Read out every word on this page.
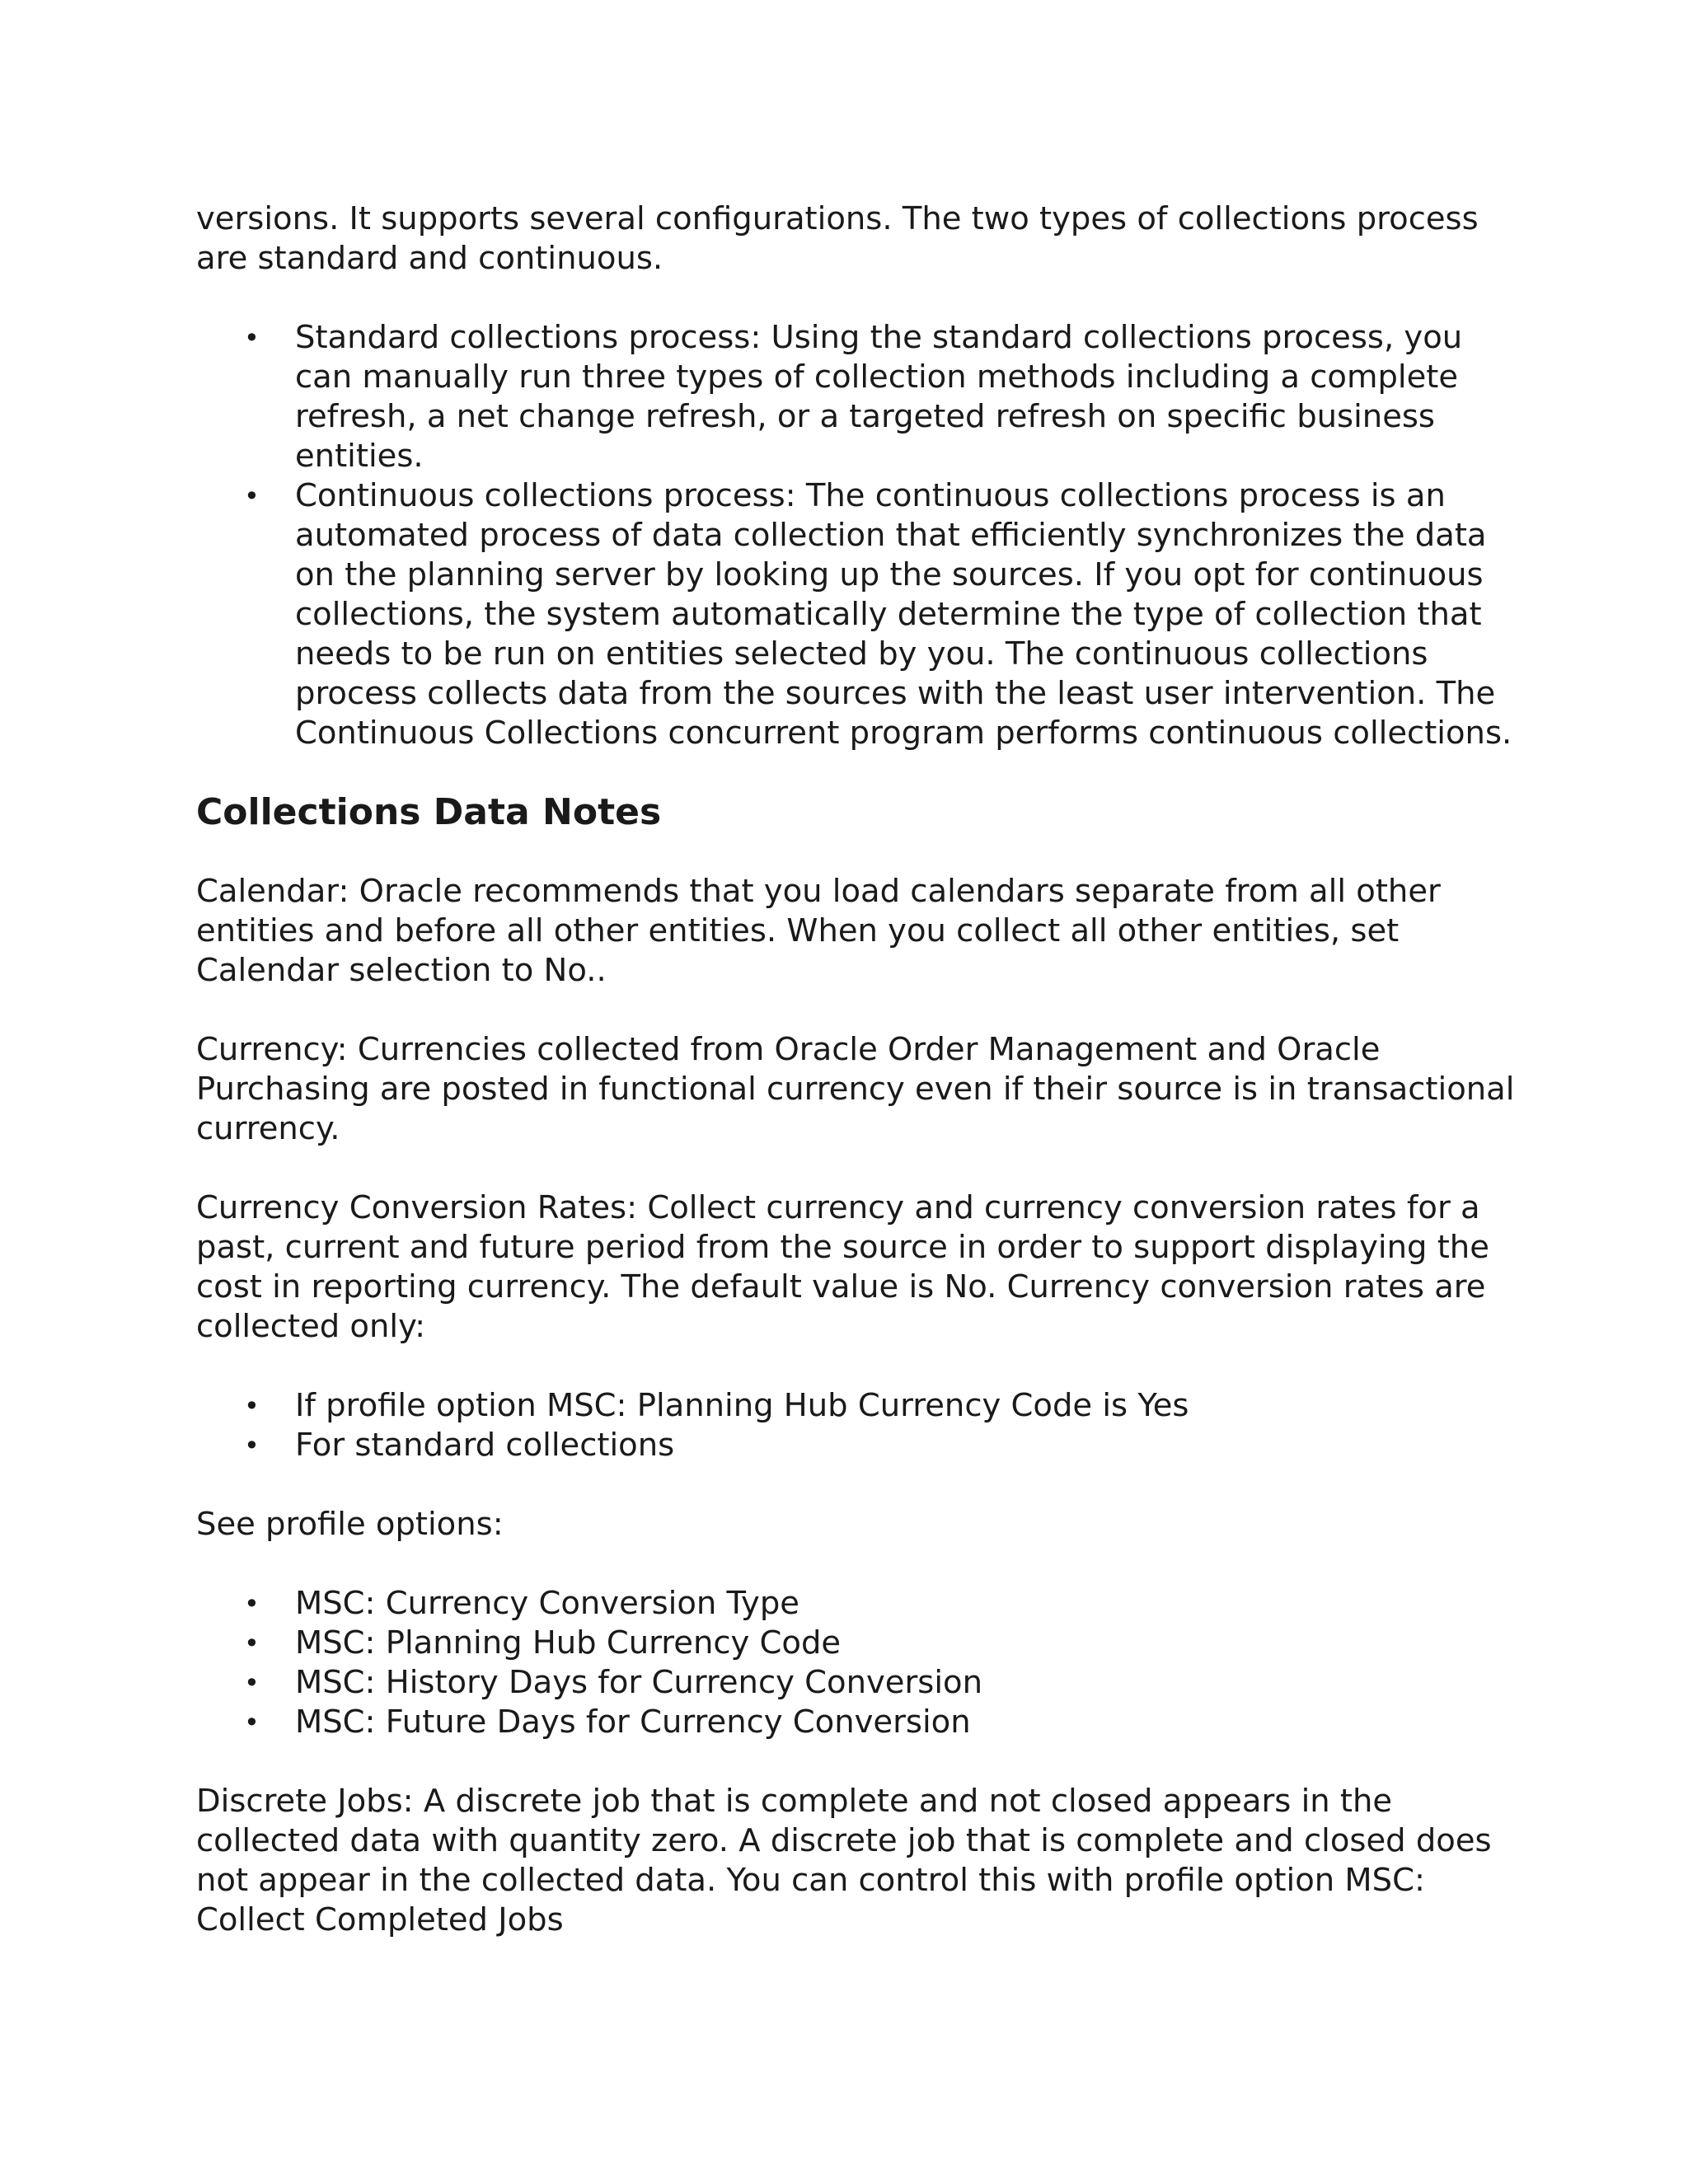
versions. It supports several configurations. The two types of collections process are standard and continuous.

• Standard collections process: Using the standard collections process, you can manually run three types of collection methods including a complete refresh, a net change refresh, or a targeted refresh on specific business entities.
• Continuous collections process: The continuous collections process is an automated process of data collection that efficiently synchronizes the data on the planning server by looking up the sources. If you opt for continuous collections, the system automatically determine the type of collection that needs to be run on entities selected by you. The continuous collections process collects data from the sources with the least user intervention. The Continuous Collections concurrent program performs continuous collections.
Collections Data Notes

Calendar: Oracle recommends that you load calendars separate from all other entities and before all other entities. When you collect all other entities, set Calendar selection to No..

Currency: Currencies collected from Oracle Order Management and Oracle Purchasing are posted in functional currency even if their source is in transactional currency.

Currency Conversion Rates: Collect currency and currency conversion rates for a past, current and future period from the source in order to support displaying the cost in reporting currency. The default value is No. Currency conversion rates are collected only:

• If profile option MSC: Planning Hub Currency Code is Yes
• For standard collections

See profile options:

• MSC: Currency Conversion Type
• MSC: Planning Hub Currency Code
• MSC: History Days for Currency Conversion
• MSC: Future Days for Currency Conversion

Discrete Jobs: A discrete job that is complete and not closed appears in the collected data with quantity zero. A discrete job that is complete and closed does not appear in the collected data. You can control this with profile option MSC: Collect Completed Jobs
